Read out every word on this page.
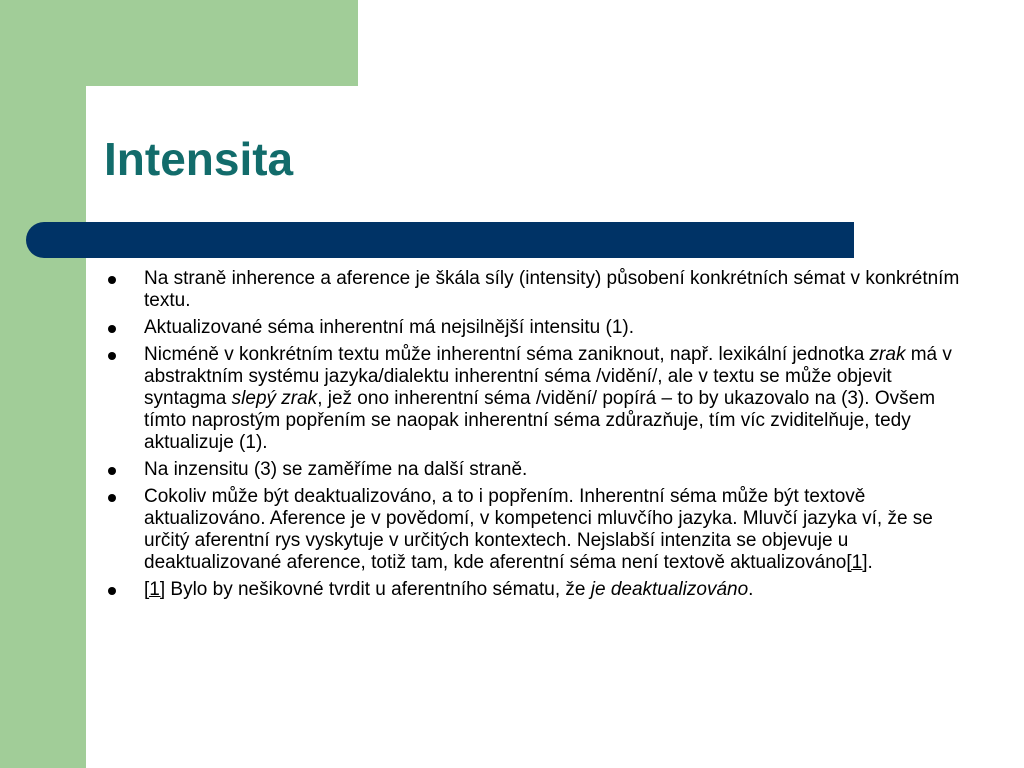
Intensita
Na straně inherence a aference je škála síly (intensity) působení konkrétních sémat v konkrétním textu.
Aktualizované séma inherentní má nejsilnější intensitu (1).
Nicméně v konkrétním textu může inherentní séma zaniknout, např. lexikální jednotka zrak má v abstraktním systému jazyka/dialektu inherentní séma /vidění/, ale v textu se může objevit syntagma slepý zrak, jež ono inherentní séma /vidění/ popírá – to by ukazovalo na (3). Ovšem tímto naprostým popřením se naopak inherentní séma zdůrazňuje, tím víc zviditelňuje, tedy aktualizuje (1).
Na inzensitu (3) se zaměříme na další straně.
Cokoliv může být deaktualizováno, a to i popřením. Inherentní séma může být textově aktualizováno. Aference je v povědomí, v kompetenci mluvčího jazyka. Mluvčí jazyka ví, že se určitý aferentní rys vyskytuje v určitých kontextech. Nejslabší intenzita se objevuje u deaktualizované aference, totiž tam, kde aferentní séma není textově aktualizováno[1].
[1] Bylo by nešikovné tvrdit u aferentního sématu, že je deaktualizováno.
